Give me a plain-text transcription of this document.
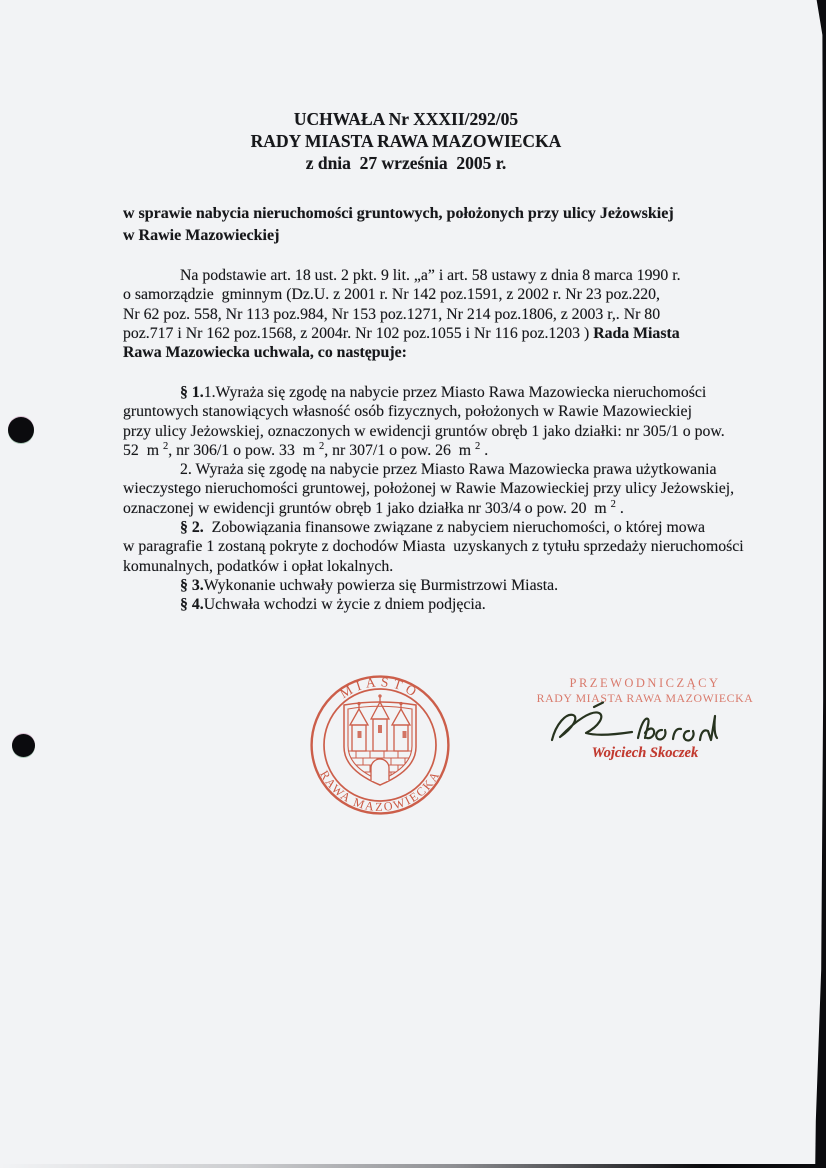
UCHWAŁA Nr XXXII/292/05
RADY MIASTA RAWA MAZOWIECKA
z dnia  27 września  2005 r.
w sprawie nabycia nieruchomości gruntowych, położonych przy ulicy Jeżowskiej
w Rawie Mazowieckiej
Na podstawie art. 18 ust. 2 pkt. 9 lit. „a” i art. 58 ustawy z dnia 8 marca 1990 r.
o samorządzie  gminnym (Dz.U. z 2001 r. Nr 142 poz.1591, z 2002 r. Nr 23 poz.220,
Nr 62 poz. 558, Nr 113 poz.984, Nr 153 poz.1271, Nr 214 poz.1806, z 2003 r,. Nr 80
poz.717 i Nr 162 poz.1568, z 2004r. Nr 102 poz.1055 i Nr 116 poz.1203 ) Rada Miasta
Rawa Mazowiecka uchwala, co następuje:
§ 1.1.Wyraża się zgodę na nabycie przez Miasto Rawa Mazowiecka nieruchomości
gruntowych stanowiących własność osób fizycznych, położonych w Rawie Mazowieckiej
przy ulicy Jeżowskiej, oznaczonych w ewidencji gruntów obręb 1 jako działki: nr 305/1 o pow.
52  m $^2$, nr 306/1 o pow. 33  m $^2$, nr 307/1 o pow. 26  m $^2$ .
2. Wyraża się zgodę na nabycie przez Miasto Rawa Mazowiecka prawa użytkowania
wieczystego nieruchomości gruntowej, położonej w Rawie Mazowieckiej przy ulicy Jeżowskiej,
oznaczonej w ewidencji gruntów obręb 1 jako działka nr 303/4 o pow. 20  m $^2$ .
§ 2.  Zobowiązania finansowe związane z nabyciem nieruchomości, o której mowa
w paragrafie 1 zostaną pokryte z dochodów Miasta  uzyskanych z tytułu sprzedaży nieruchomości
komunalnych, podatków i opłat lokalnych.
§ 3.Wykonanie uchwały powierza się Burmistrzowi Miasta.
§ 4.Uchwała wchodzi w życie z dniem podjęcia.
MIASTO
RAWA MAZOWIECKA
PRZEWODNICZĄCY
RADY MIASTA RAWA MAZOWIECKA
Wojciech Skoczek
